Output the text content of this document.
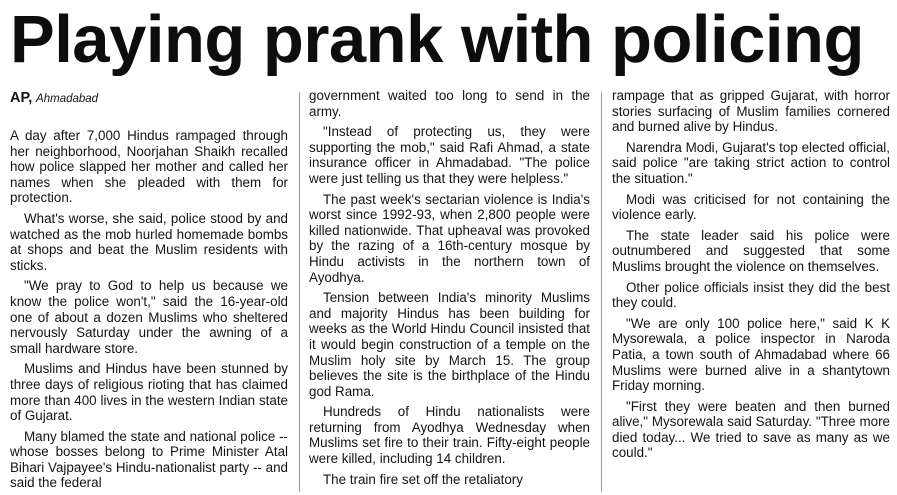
Playing prank with policing
AP, Ahmadabad

A day after 7,000 Hindus rampaged through her neighborhood, Noorjahan Shaikh recalled how police slapped her mother and called her names when she pleaded with them for protection.

What's worse, she said, police stood by and watched as the mob hurled homemade bombs at shops and beat the Muslim residents with sticks.

"We pray to God to help us because we know the police won't," said the 16-year-old one of about a dozen Muslims who sheltered nervously Saturday under the awning of a small hardware store.

Muslims and Hindus have been stunned by three days of religious rioting that has claimed more than 400 lives in the western Indian state of Gujarat.

Many blamed the state and national police -- whose bosses belong to Prime Minister Atal Bihari Vajpayee's Hindu-nationalist party -- and said the federal

government waited too long to send in the army.

"Instead of protecting us, they were supporting the mob," said Rafi Ahmad, a state insurance officer in Ahmadabad. "The police were just telling us that they were helpless."

The past week's sectarian violence is India's worst since 1992-93, when 2,800 people were killed nationwide. That upheaval was provoked by the razing of a 16th-century mosque by Hindu activists in the northern town of Ayodhya.

Tension between India's minority Muslims and majority Hindus has been building for weeks as the World Hindu Council insisted that it would begin construction of a temple on the Muslim holy site by March 15. The group believes the site is the birthplace of the Hindu god Rama.

Hundreds of Hindu nationalists were returning from Ayodhya Wednesday when Muslims set fire to their train. Fifty-eight people were killed, including 14 children.

The train fire set off the retaliatory

rampage that as gripped Gujarat, with horror stories surfacing of Muslim families cornered and burned alive by Hindus.

Narendra Modi, Gujarat's top elected official, said police "are taking strict action to control the situation."

Modi was criticised for not containing the violence early.

The state leader said his police were outnumbered and suggested that some Muslims brought the violence on themselves.

Other police officials insist they did the best they could.

"We are only 100 police here," said K K Mysorewala, a police inspector in Naroda Patia, a town south of Ahmadabad where 66 Muslims were burned alive in a shantytown Friday morning.

"First they were beaten and then burned alive," Mysorewala said Saturday. "Three more died today... We tried to save as many as we could."
